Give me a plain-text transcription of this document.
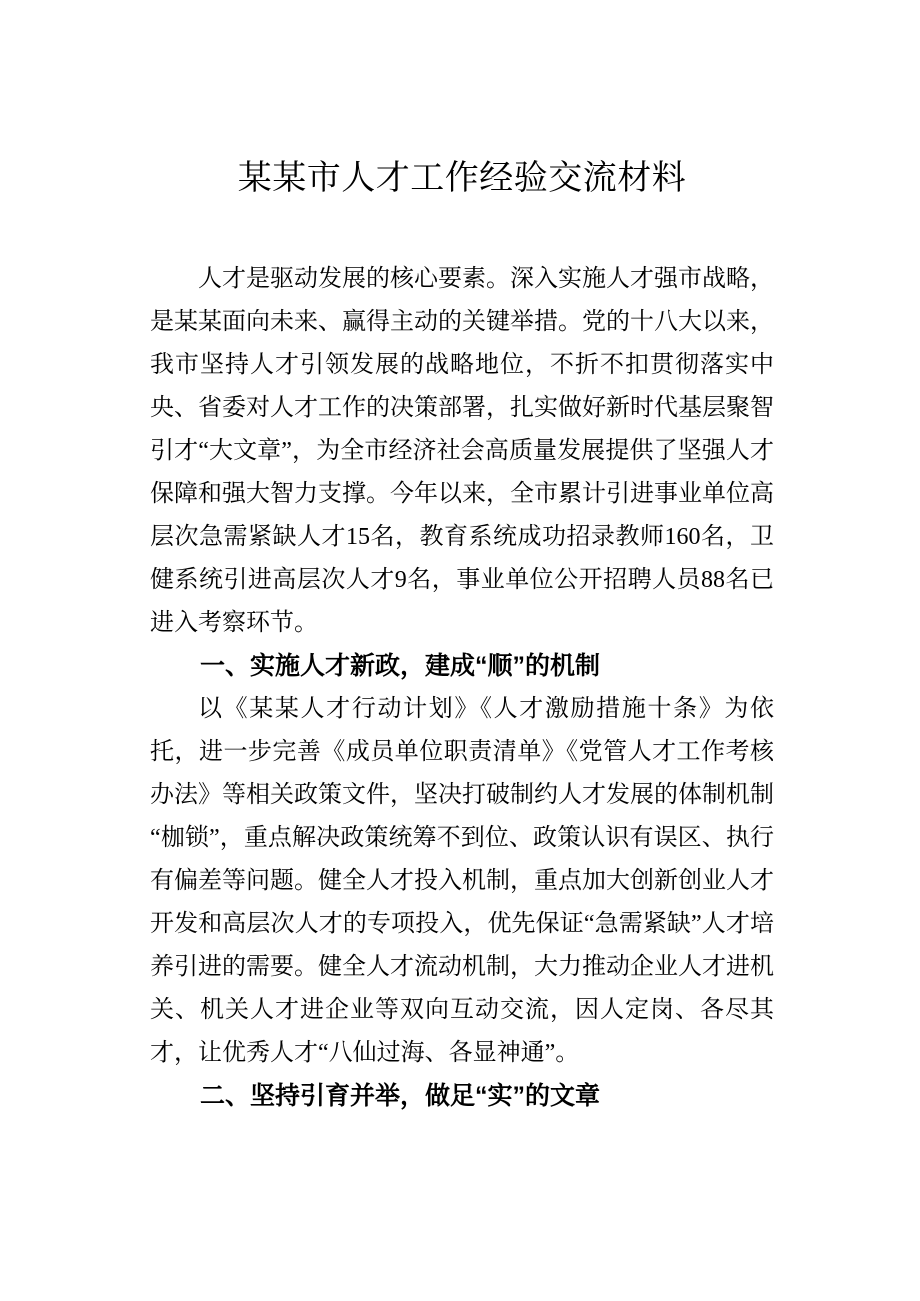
某某市人才工作经验交流材料

人才是驱动发展的核心要素。深入实施人才强市战略，是某某面向未来、赢得主动的关键举措。党的十八大以来，我市坚持人才引领发展的战略地位，不折不扣贯彻落实中央、省委对人才工作的决策部署，扎实做好新时代基层聚智引才“大文章”，为全市经济社会高质量发展提供了坚强人才保障和强大智力支撑。今年以来，全市累计引进事业单位高层次急需紧缺人才15名，教育系统成功招录教师160名，卫健系统引进高层次人才9名，事业单位公开招聘人员88名已进入考察环节。

一、实施人才新政，建成“顺”的机制

以《某某人才行动计划》《人才激励措施十条》为依托，进一步完善《成员单位职责清单》《党管人才工作考核办法》等相关政策文件，坚决打破制约人才发展的体制机制“枷锁”，重点解决政策统筹不到位、政策认识有误区、执行有偏差等问题。健全人才投入机制，重点加大创新创业人才开发和高层次人才的专项投入，优先保证“急需紧缺”人才培养引进的需要。健全人才流动机制，大力推动企业人才进机关、机关人才进企业等双向互动交流，因人定岗、各尽其才，让优秀人才“八仙过海、各显神通”。

二、坚持引育并举，做足“实”的文章
